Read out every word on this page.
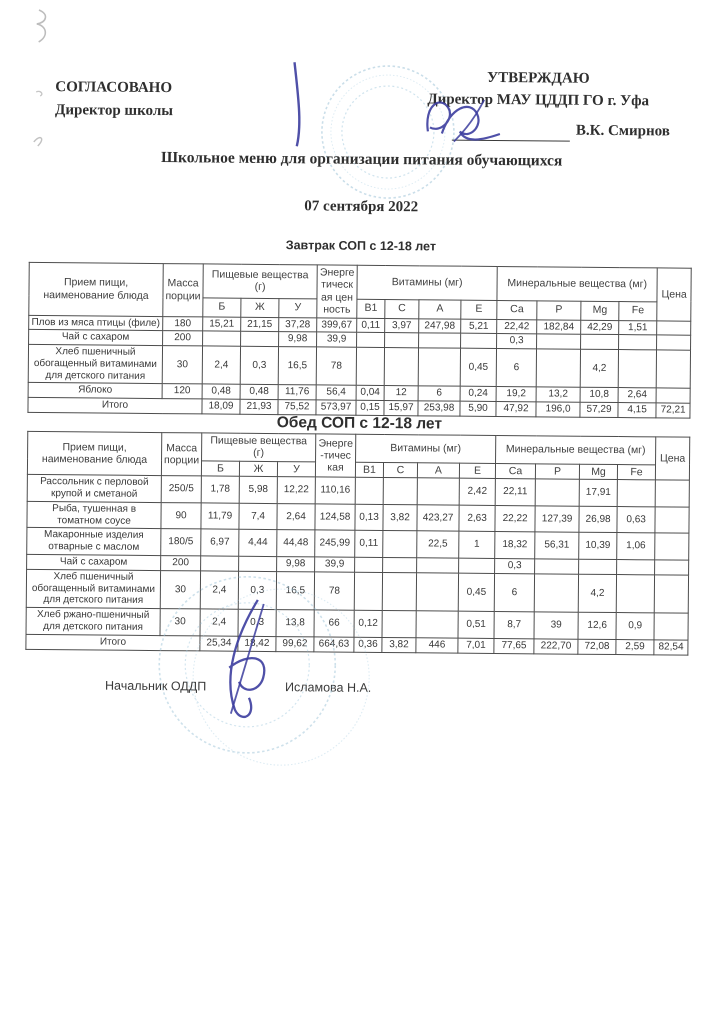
СОГЛАСОВАНО
Директор школы
УТВЕРЖДАЮ
Директор МАУ ЦДДП ГО г. Уфа
В.К. Смирнов
Школьное меню для организации питания обучающихся
07 сентября 2022
Завтрак СОП с 12-18 лет
Прием пищи, наименование блюда	Масса порции	Пищевые вещества (г)			Энергетическая ценность	Витамины (мг)				Минеральные вещества (мг)				Цена
		Б	Ж	У		В1	С	А	Е	Са	Р	Mg	Fe	
Плов из мяса птицы (филе)	180	15,21	21,15	37,28	399,67	0,11	3,97	247,98	5,21	22,42	182,84	42,29	1,51	
Чай с сахаром	200			9,98	39,9					0,3				
Хлеб пшеничный обогащенный витаминами для детского питания	30	2,4	0,3	16,5	78				0,45	6		4,2		
Яблоко	120	0,48	0,48	11,76	56,4	0,04	12	6	0,24	19,2	13,2	10,8	2,64	
Итого		18,09	21,93	75,52	573,97	0,15	15,97	253,98	5,90	47,92	196,0	57,29	4,15	72,21
Обед СОП с 12-18 лет
Прием пищи, наименование блюда	Масса порции	Пищевые вещества (г)			Энерге-тическая	Витамины (мг)				Минеральные вещества (мг)				Цена
		Б	Ж	У		В1	С	А	Е	Са	Р	Mg	Fe	
Рассольник с перловой крупой и сметаной	250/5	1,78	5,98	12,22	110,16				2,42	22,11		17,91		
Рыба, тушенная в томатном соусе	90	11,79	7,4	2,64	124,58	0,13	3,82	423,27	2,63	22,22	127,39	26,98	0,63	
Макаронные изделия отварные с маслом	180/5	6,97	4,44	44,48	245,99	0,11		22,5	1	18,32	56,31	10,39	1,06	
Чай с сахаром	200			9,98	39,9					0,3				
Хлеб пшеничный обогащенный витаминами для детского питания	30	2,4	0,3	16,5	78				0,45	6		4,2		
Хлеб ржано-пшеничный для детского питания	30	2,4	0,3	13,8	66	0,12			0,51	8,7	39	12,6	0,9	
Итого		25,34	18,42	99,62	664,63	0,36	3,82	446	7,01	77,65	222,70	72,08	2,59	82,54
Начальник ОДДП	Исламова Н.А.
